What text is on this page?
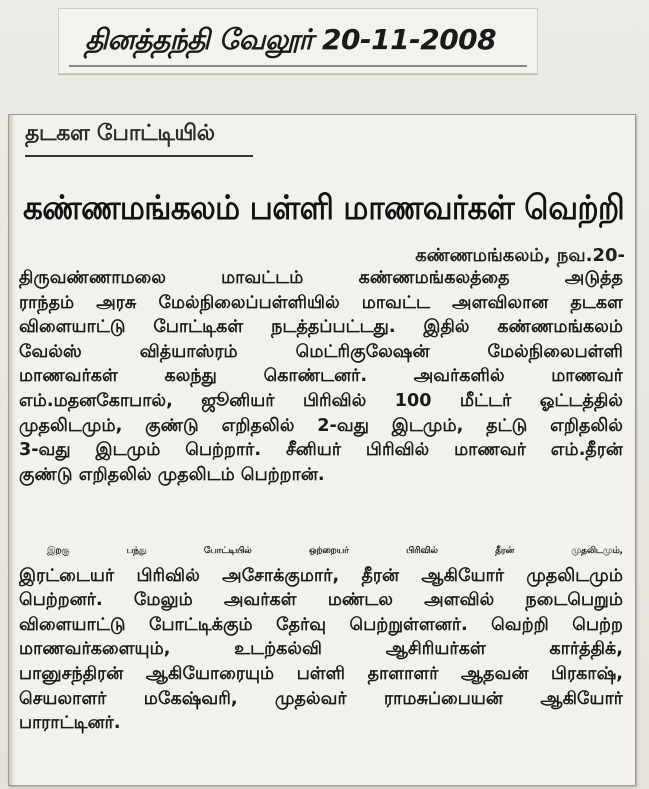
தினத்தந்தி வேலூர் 20-11-2008
தடகள போட்டியில்
கண்ணமங்கலம் பள்ளி மாணவர்கள் வெற்றி
கண்ணமங்கலம், நவ.20-
திருவண்ணாமலை மாவட்டம் கண்ணமங்கலத்தை அடுத்த
ராந்தம் அரசு மேல்நிலைப்பள்ளியில் மாவட்ட அளவிலான தடகள
விளையாட்டு போட்டிகள் நடத்தப்பட்டது. இதில் கண்ணமங்கலம்
வேல்ஸ் வித்யாஸ்ரம் மெட்ரிகுலேஷன் மேல்நிலைபள்ளி
மாணவர்கள் கலந்து கொண்டனர். அவர்களில் மாணவர்
எம்.மதனகோபால், ஜூனியர் பிரிவில் 100 மீட்டர் ஓட்டத்தில்
முதலிடமும், குண்டு எறிதலில் 2-வது இடமும், தட்டு எறிதலில்
3-வது இடமும் பெற்றார். சீனியர் பிரிவில் மாணவர் எம்.தீரன்
குண்டு எறிதலில் முதலிடம் பெற்றான்.
இறகு பந்து போட்டியில் ஒற்றையர் பிரிவில் தீரன் முதலிடமும்,
இரட்டையர் பிரிவில் அசோக்குமார், தீரன் ஆகியோர் முதலிடமும்
பெற்றனர். மேலும் அவர்கள் மண்டல அளவில் நடைபெறும்
விளையாட்டு போட்டிக்கும் தேர்வு பெற்றுள்ளனர். வெற்றி பெற்ற
மாணவர்களையும், உடற்கல்வி ஆசிரியர்கள் கார்த்திக்,
பானுசந்திரன் ஆகியோரையும் பள்ளி தாளாளர் ஆதவன் பிரகாஷ்,
செயலாளர் மகேஷ்வரி, முதல்வர் ராமசுப்பையன் ஆகியோர்
பாராட்டினர்.
